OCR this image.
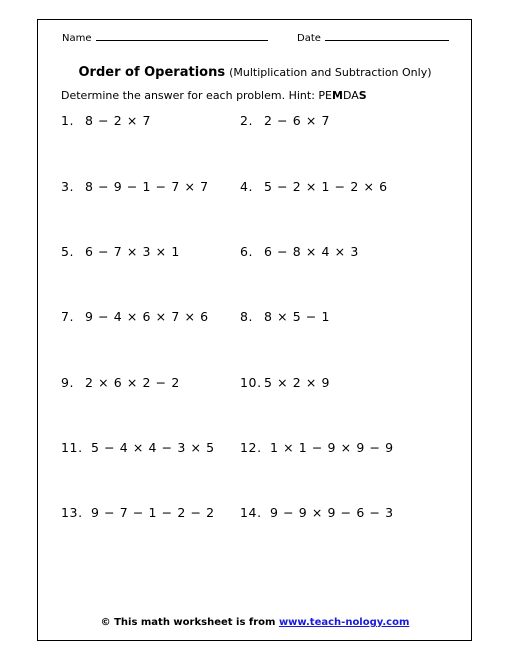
Name	Date
Order of Operations (Multiplication and Subtraction Only)
Determine the answer for each problem. Hint: PEMDAS
1. 8 − 2 × 7	2. 2 − 6 × 7
3. 8 − 9 − 1 − 7 × 7	4. 5 − 2 × 1 − 2 × 6
5. 6 − 7 × 3 × 1	6. 6 − 8 × 4 × 3
7. 9 − 4 × 6 × 7 × 6	8. 8 × 5 − 1
9. 2 × 6 × 2 − 2	10. 5 × 2 × 9
11. 5 − 4 × 4 − 3 × 5 12. 1 × 1 − 9 × 9 − 9
13. 9 − 7 − 1 − 2 − 2 14. 9 − 9 × 9 − 6 − 3
© This math worksheet is from www.teach-nology.com
